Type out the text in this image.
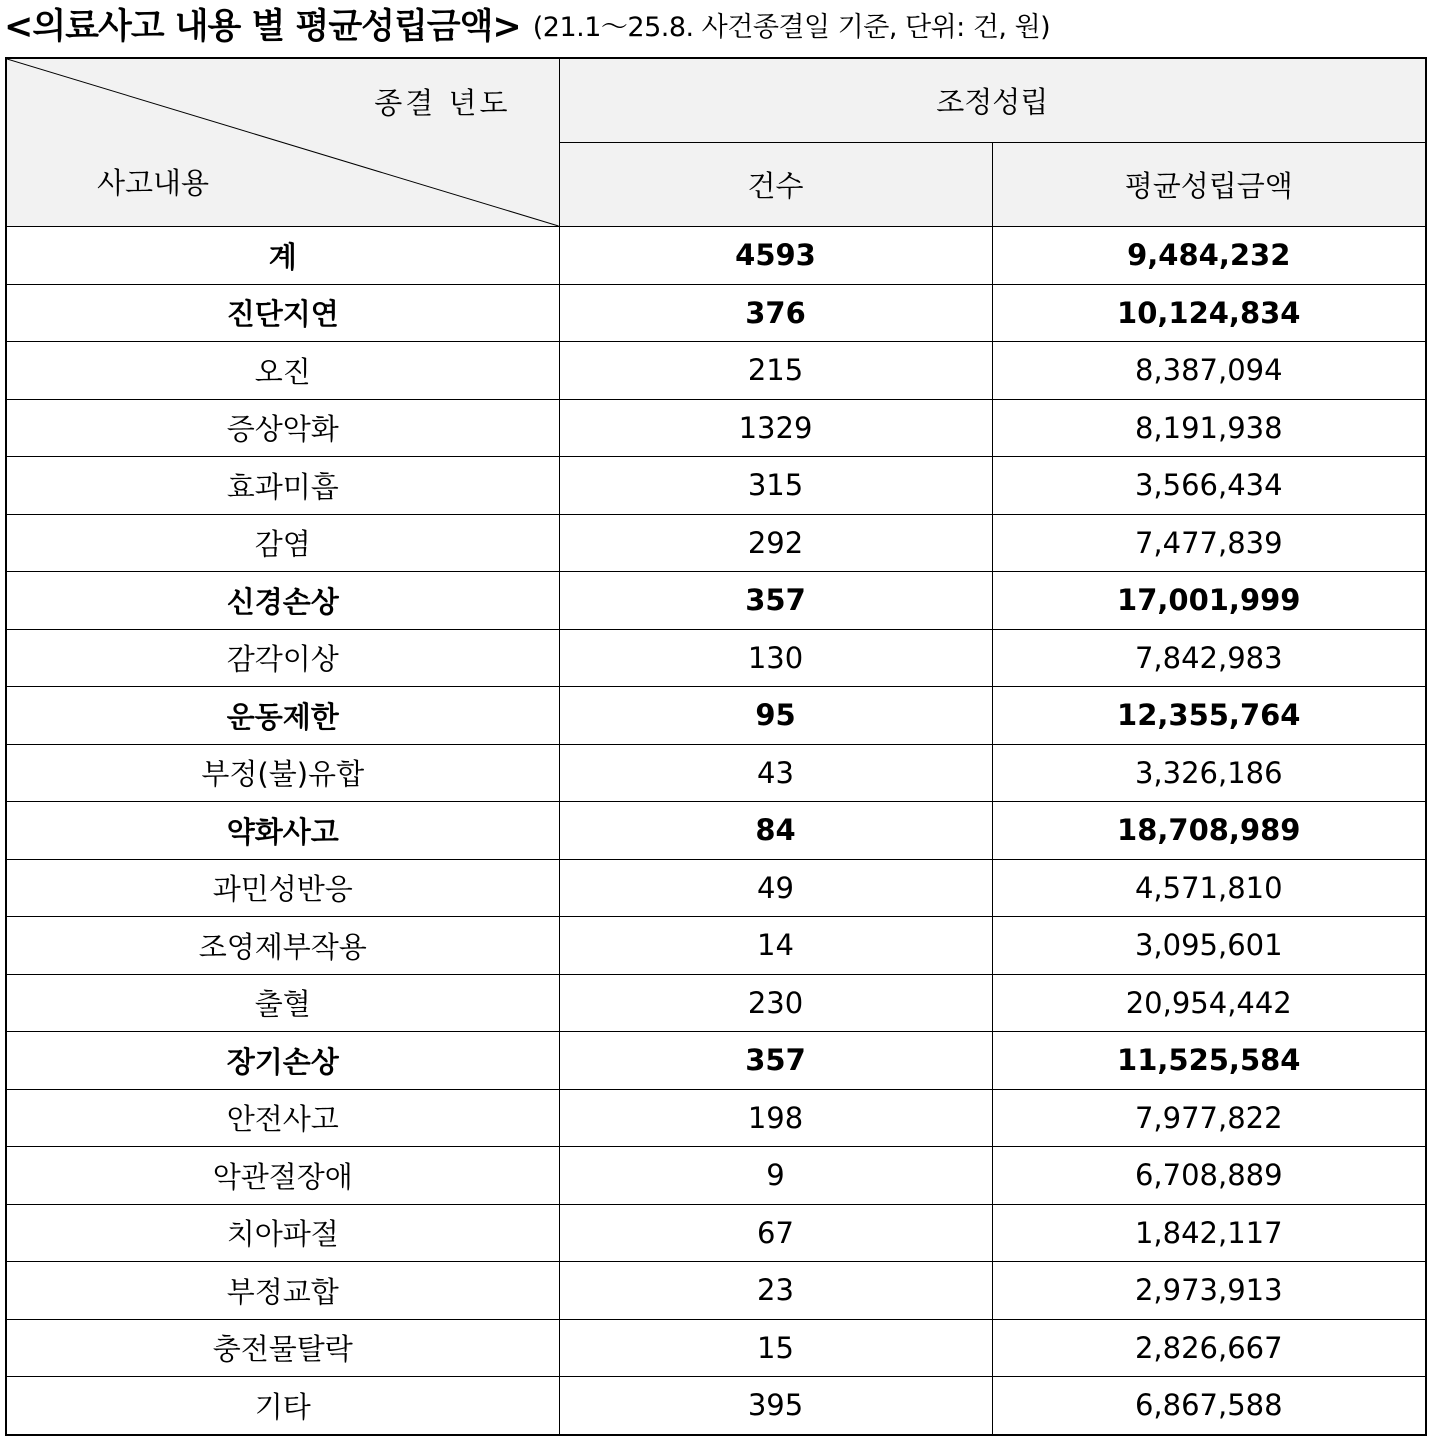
<의료사고 내용 별 평균성립금액> (21.1～25.8. 사건종결일 기준, 단위: 건, 원)
종결 년도
사고내용	조정성립	
	건수	평균성립금액
계	4593	9,484,232
진단지연	376	10,124,834
오진	215	8,387,094
증상악화	1329	8,191,938
효과미흡	315	3,566,434
감염	292	7,477,839
신경손상	357	17,001,999
감각이상	130	7,842,983
운동제한	95	12,355,764
부정(불)유합	43	3,326,186
약화사고	84	18,708,989
과민성반응	49	4,571,810
조영제부작용	14	3,095,601
출혈	230	20,954,442
장기손상	357	11,525,584
안전사고	198	7,977,822
악관절장애	9	6,708,889
치아파절	67	1,842,117
부정교합	23	2,973,913
충전물탈락	15	2,826,667
기타	395	6,867,588
